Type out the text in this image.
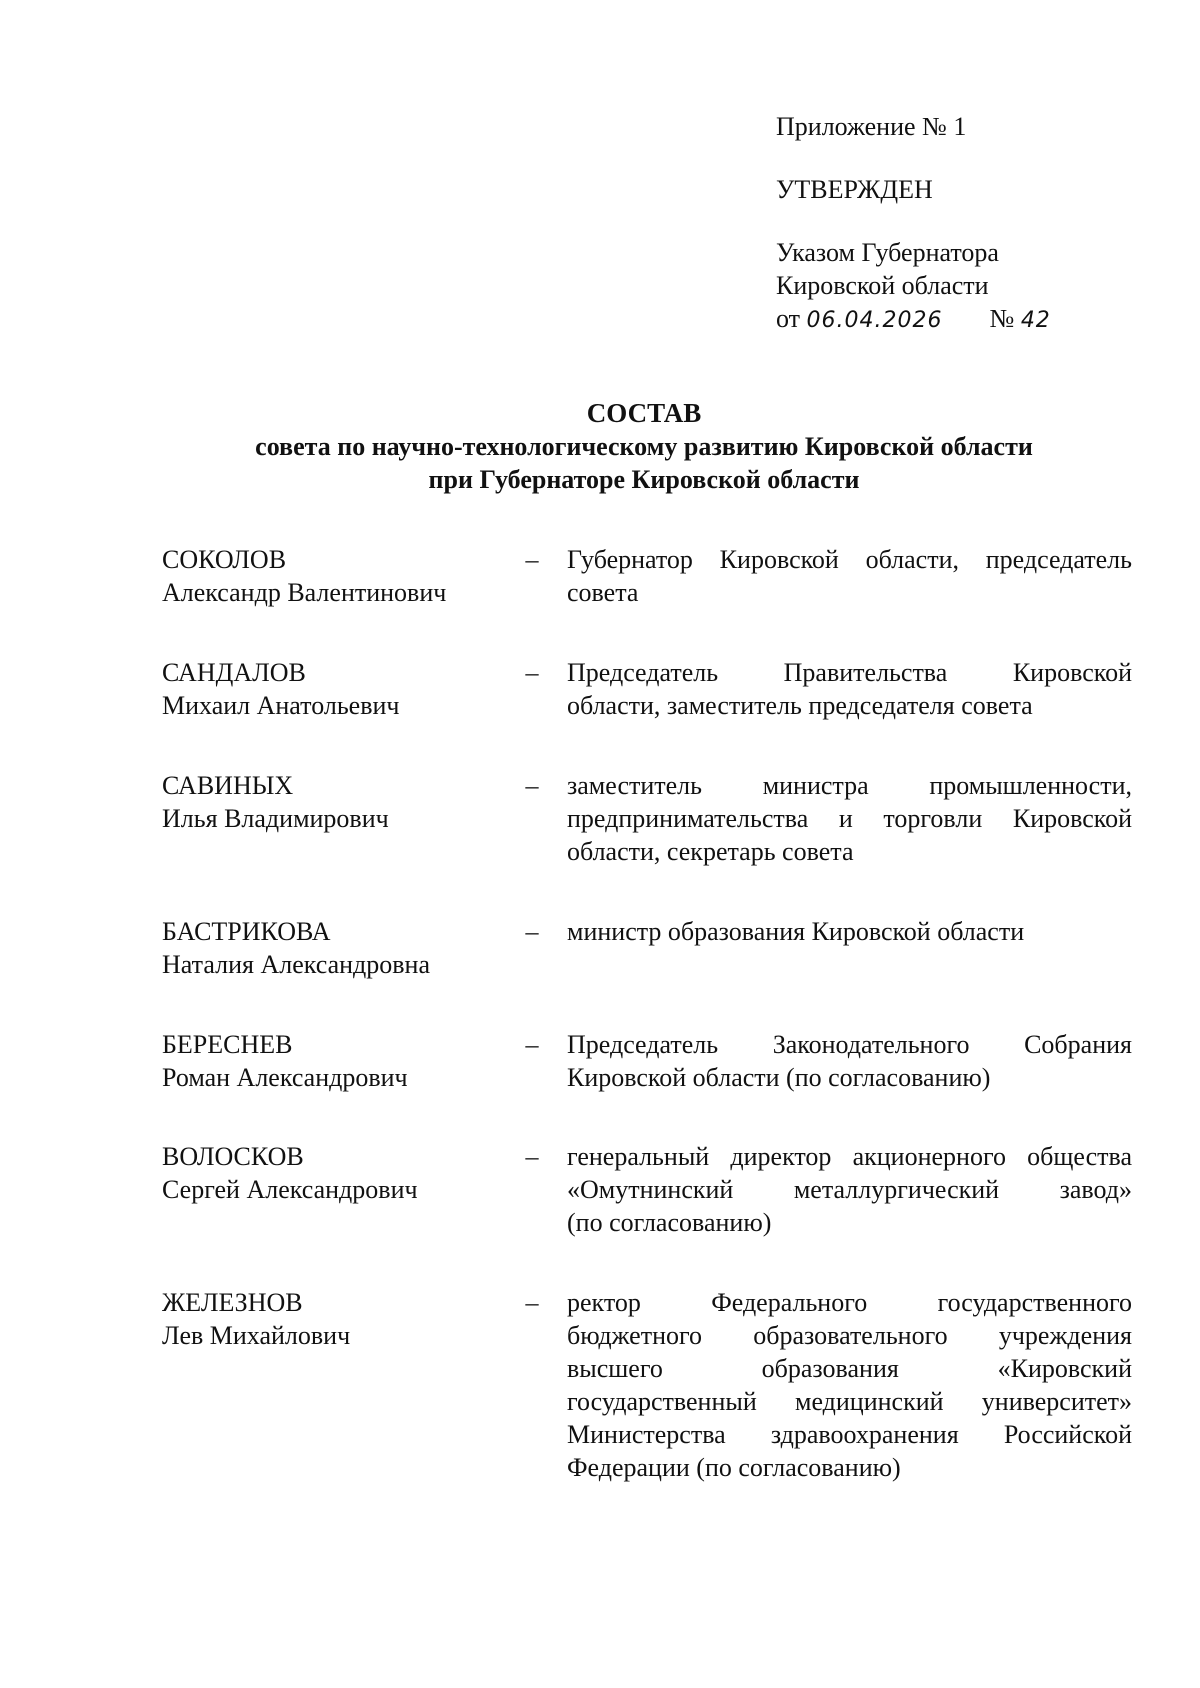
Приложение № 1
УТВЕРЖДЕН
Указом Губернатора
Кировской области
от 06.04.2026 № 42
СОСТАВ
совета по научно-технологическому развитию Кировской области
при Губернаторе Кировской области
СОКОЛОВ
Александр Валентинович
–	Губернатор Кировской области, председатель
совета
САНДАЛОВ
Михаил Анатольевич
–	Председатель Правительства Кировской
области, заместитель председателя совета
САВИНЫХ
Илья Владимирович
–	заместитель министра промышленности,
предпринимательства и торговли Кировской
области, секретарь совета
БАСТРИКОВА
Наталия Александровна
–	министр образования Кировской области
БЕРЕСНЕВ
Роман Александрович
–	Председатель Законодательного Собрания
Кировской области (по согласованию)
ВОЛОСКОВ
Сергей Александрович
–	генеральный директор акционерного общества
«Омутнинский металлургический завод»
(по согласованию)
ЖЕЛЕЗНОВ
Лев Михайлович
–	ректор Федерального государственного
бюджетного образовательного учреждения
высшего образования «Кировский
государственный медицинский университет»
Министерства здравоохранения Российской
Федерации (по согласованию)
